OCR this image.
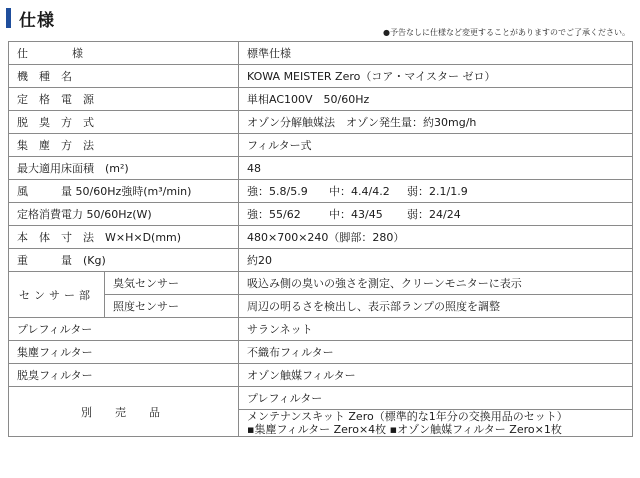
仕様
●予告なしに仕様など変更することがありますのでご了承ください。
仕　　　　様		標準仕様
機　種　名		KOWA MEISTER Zero（コア・マイスター ゼロ）
定　格　電　源		単相AC100V　50/60Hz
脱　臭　方　式		オゾン分解触媒法　オゾン発生量：約30mg/h
集　塵　方　法		フィルター式
最大適用床面積　(m²)		48
風　　　量 50/60Hz強時(m³/min)		強：5.8/5.9 中：4.4/4.2 弱：2.1/1.9
定格消費電力 50/60Hz(W)		強：55/62 中：43/45 弱：24/24
本　体　寸　法　W×H×D(mm)		480×700×240（脚部：280）
重　　　量　(Kg)		約20
センサー部	臭気センサー	吸込み側の臭いの強さを測定、クリーンモニターに表示
	照度センサー	周辺の明るさを検出し、表示部ランプの照度を調整
プレフィルター		サランネット
集塵フィルター		不織布フィルター
脱臭フィルター		オゾン触媒フィルター
別　売　品		プレフィルター

		メンテナンスキット Zero（標準的な1年分の交換用品のセット）
▪集塵フィルター Zero×4枚 ▪オゾン触媒フィルター Zero×1枚
